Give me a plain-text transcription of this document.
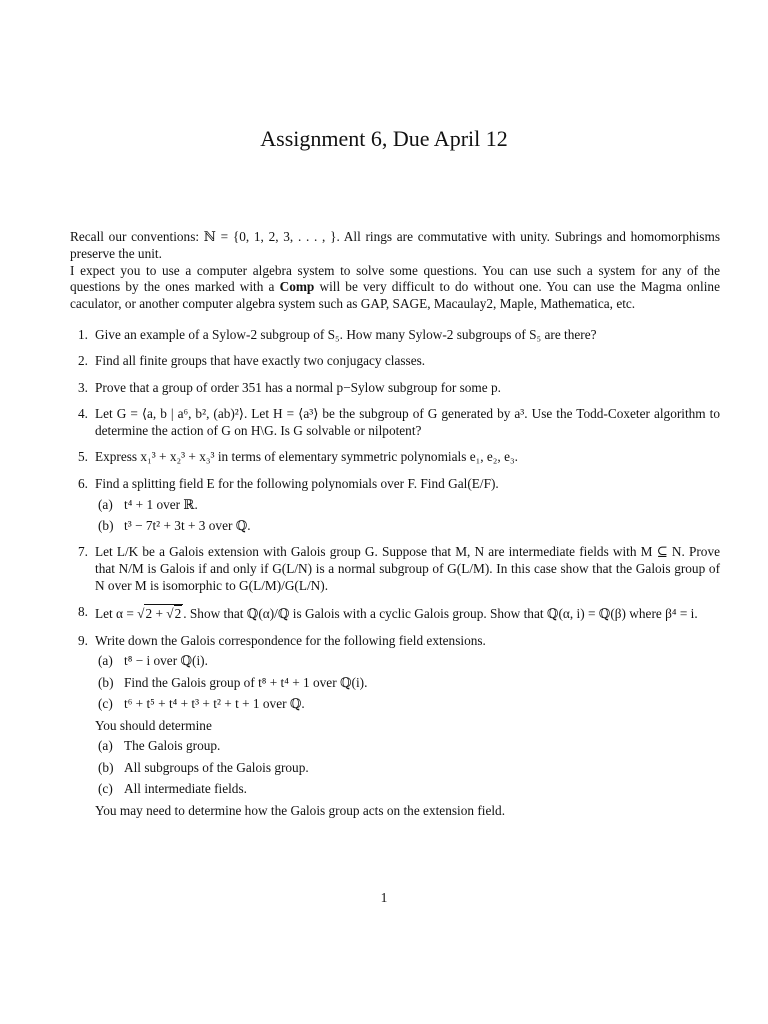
Assignment 6, Due April 12

Recall our conventions: ℕ = {0, 1, 2, 3, . . . , }. All rings are commutative with unity. Subrings and homomorphisms preserve the unit.

I expect you to use a computer algebra system to solve some questions. You can use such a system for any of the questions by the ones marked with a Comp will be very difficult to do without one. You can use the Magma online caculator, or another computer algebra system such as GAP, SAGE, Macaulay2, Maple, Mathematica, etc.

1. Give an example of a Sylow-2 subgroup of S₅. How many Sylow-2 subgroups of S₅ are there?
2. Find all finite groups that have exactly two conjugacy classes.
3. Prove that a group of order 351 has a normal p−Sylow subgroup for some p.
4. Let G = ⟨a, b | a⁶, b², (ab)²⟩. Let H = ⟨a³⟩ be the subgroup of G generated by a³. Use the Todd-Coxeter algorithm to determine the action of G on H\G. Is G solvable or nilpotent?
5. Express x₁³ + x₂³ + x₃³ in terms of elementary symmetric polynomials e₁, e₂, e₃.
6. Find a splitting field E for the following polynomials over F. Find Gal(E/F).
(a) t⁴ + 1 over ℝ.
(b) t³ − 7t² + 3t + 3 over ℚ.
7. Let L/K be a Galois extension with Galois group G. Suppose that M, N are intermediate fields with M ⊆ N. Prove that N/M is Galois if and only if G(L/N) is a normal subgroup of G(L/M). In this case show that the Galois group of N over M is isomorphic to G(L/M)/G(L/N).
8. Let α = √2 + √2 . Show that ℚ(α)/ℚ is Galois with a cyclic Galois group. Show that ℚ(α, i) = ℚ(β) where β⁴ = i.
9. Write down the Galois correspondence for the following field extensions.
(a) t⁸ − i over ℚ(i).
(b) Find the Galois group of t⁸ + t⁴ + 1 over ℚ(i).
(c) t⁶ + t⁵ + t⁴ + t³ + t² + t + 1 over ℚ.
You should determine
(a) The Galois group.
(b) All subgroups of the Galois group.
(c) All intermediate fields.
You may need to determine how the Galois group acts on the extension field.
1
